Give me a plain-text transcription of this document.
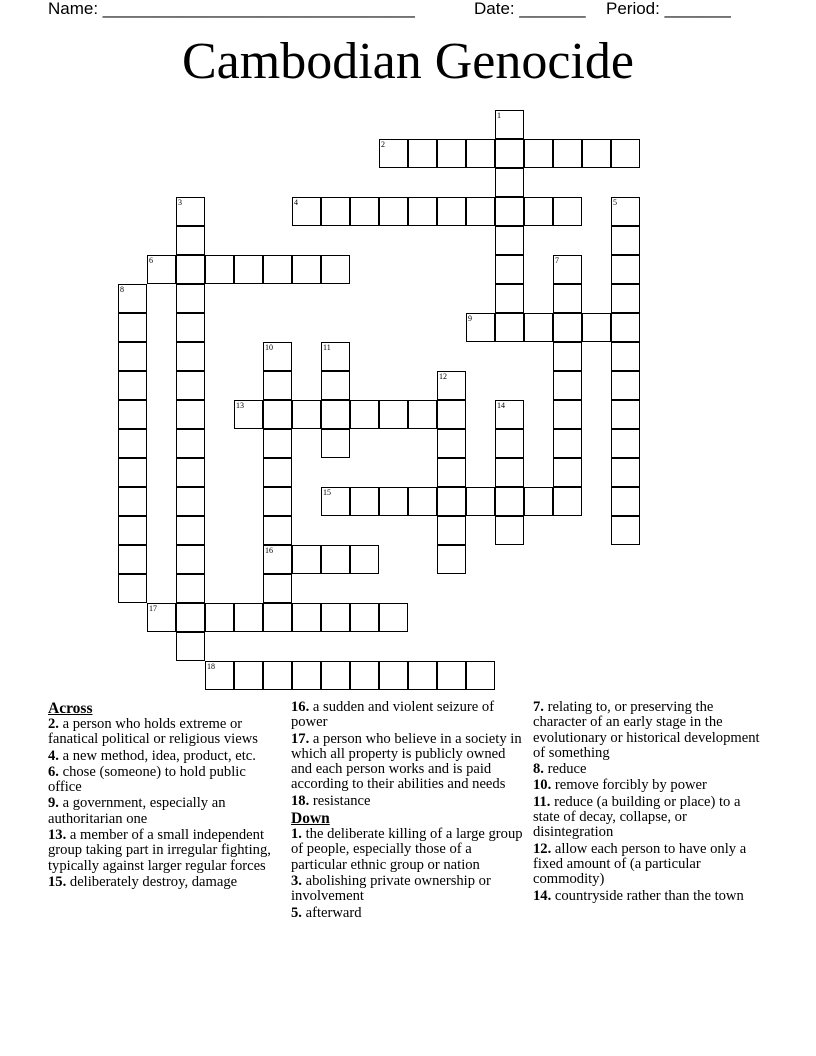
Name: _________________________________	Date: _______ Period: _______
Cambodian Genocide
1
2
3	4	5
6	7
8
9
10
16
11
12
13	14
15
17
18
Across
2. a person who holds extreme or fanatical political or religious views
4. a new method, idea, product, etc.
6. chose (someone) to hold public office
9. a government, especially an authoritarian one
13. a member of a small independent group taking part in irregular fighting, typically against larger regular forces
15. deliberately destroy, damage
16. a sudden and violent seizure of power
17. a person who believe in a society in which all property is publicly owned and each person works and is paid according to their abilities and needs
18. resistance
Down
1. the deliberate killing of a large group of people, especially those of a particular ethnic group or nation
3. abolishing private ownership or involvement
5. afterward
7. relating to, or preserving the character of an early stage in the evolutionary or historical development of something
8. reduce
10. remove forcibly by power
11. reduce (a building or place) to a state of decay, collapse, or disintegration
12. allow each person to have only a fixed amount of (a particular commodity)
14. countryside rather than the town
